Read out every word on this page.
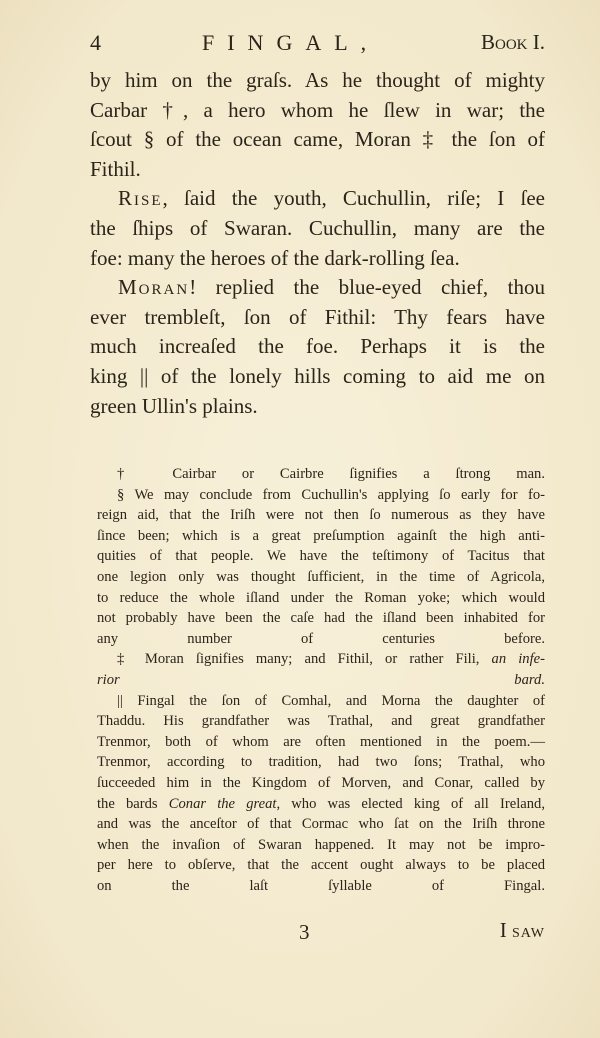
4	FINGAL,	Book I.
by him on the graſs. As he thought of mighty
Carbar †, a hero whom he ſlew in war; the
ſcout § of the ocean came, Moran ‡ the ſon of
Fithil.
Rise, ſaid the youth, Cuchullin, riſe; I ſee
the ſhips of Swaran. Cuchullin, many are the
foe: many the heroes of the dark-rolling ſea.
Moran! replied the blue-eyed chief, thou
ever trembleſt, ſon of Fithil: Thy fears have
much increaſed the foe. Perhaps it is the
king || of the lonely hills coming to aid me on
green Ullin's plains.
† Cairbar or Cairbre ſignifies a ſtrong man.
§ We may conclude from Cuchullin's applying ſo early for fo-
reign aid, that the Iriſh were not then ſo numerous as they have
ſince been; which is a great preſumption againſt the high anti-
quities of that people. We have the teſtimony of Tacitus that
one legion only was thought ſufficient, in the time of Agricola,
to reduce the whole iſland under the Roman yoke; which would
not probably have been the caſe had the iſland been inhabited for
any number of centuries before.
‡ Moran ſignifies many; and Fithil, or rather Fili, an infe-
rior bard.
|| Fingal the ſon of Comhal, and Morna the daughter of
Thaddu. His grandfather was Trathal, and great grandfather
Trenmor, both of whom are often mentioned in the poem.—
Trenmor, according to tradition, had two ſons; Trathal, who
ſucceeded him in the Kingdom of Morven, and Conar, called by
the bards Conar the great, who was elected king of all Ireland,
and was the anceſtor of that Cormac who ſat on the Iriſh throne
when the invaſion of Swaran happened. It may not be impro-
per here to obſerve, that the accent ought always to be placed
on the laſt ſyllable of Fingal.
3	I SAW
